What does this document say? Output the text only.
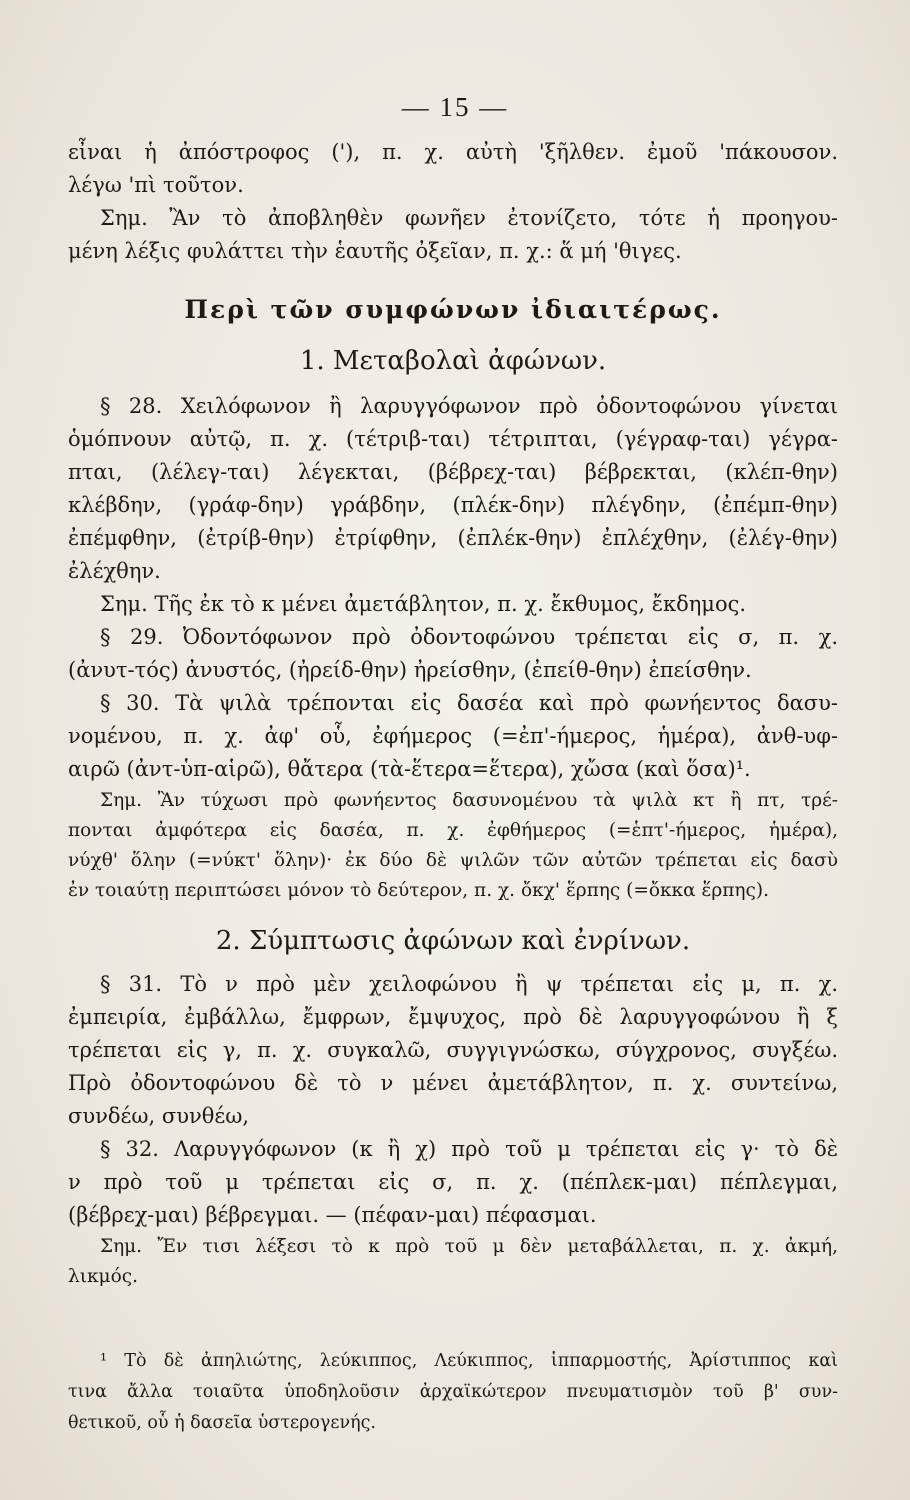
— 15 —
εἶναι ἡ ἀπόστροφος ('), π. χ. αὐτὴ 'ξῆλθεν. ἐμοῦ 'πάκουσον.
λέγω 'πὶ τοῦτον.
Σημ. Ἂν τὸ ἀποβληθὲν φωνῆεν ἐτονίζετο, τότε ἡ προηγου-
μένη λέξις φυλάττει τὴν ἑαυτῆς ὀξεῖαν, π. χ.: ἅ μή 'θιγες.
Περὶ τῶν συμφώνων ἰδιαιτέρως.
1. Μεταβολαὶ ἀφώνων.
§ 28. Χειλόφωνον ἢ λαρυγγόφωνον πρὸ ὀδοντοφώνου γίνεται
ὁμόπνουν αὐτῷ, π. χ. (τέτριβ-ται) τέτριπται, (γέγραφ-ται) γέγρα-
πται, (λέλεγ-ται) λέγεκται, (βέβρεχ-ται) βέβρεκται, (κλέπ-θην)
κλέβδην, (γράφ-δην) γράβδην, (πλέκ-δην) πλέγδην, (ἐπέμπ-θην)
ἐπέμφθην, (ἐτρίβ-θην) ἐτρίφθην, (ἐπλέκ-θην) ἐπλέχθην, (ἐλέγ-θην)
ἐλέχθην.
Σημ. Τῆς ἐκ τὸ κ μένει ἀμετάβλητον, π. χ. ἔκθυμος, ἔκδημος.
§ 29. Ὀδοντόφωνον πρὸ ὀδοντοφώνου τρέπεται εἰς σ, π. χ.
(ἀνυτ-τός) ἀνυστός, (ἠρείδ-θην) ἠρείσθην, (ἐπείθ-θην) ἐπείσθην.
§ 30. Τὰ ψιλὰ τρέπονται εἰς δασέα καὶ πρὸ φωνήεντος δασυ-
νομένου, π. χ. ἀφ' οὗ, ἐφήμερος (=ἐπ'-ήμερος, ἡμέρα), ἀνθ-υφ-
αιρῶ (ἀντ-ὑπ-αἱρῶ), θἄτερα (τὰ-ἕτερα=ἕτερα), χὤσα (καὶ ὅσα)¹.
Σημ. Ἂν τύχωσι πρὸ φωνήεντος δασυνομένου τὰ ψιλὰ κτ ἢ πτ, τρέ-
πονται ἀμφότερα εἰς δασέα, π. χ. ἐφθήμερος (=ἑπτ'-ήμερος, ἡμέρα),
νύχθ' ὅλην (=νύκτ' ὅλην)· ἐκ δύο δὲ ψιλῶν τῶν αὐτῶν τρέπεται εἰς δασὺ
ἐν τοιαύτῃ περιπτώσει μόνον τὸ δεύτερον, π. χ. ὄκχ' ἕρπης (=ὄκκα ἕρπης).
2. Σύμπτωσις ἀφώνων καὶ ἐνρίνων.
§ 31. Τὸ ν πρὸ μὲν χειλοφώνου ἢ ψ τρέπεται εἰς μ, π. χ.
ἐμπειρία, ἐμβάλλω, ἔμφρων, ἔμψυχος, πρὸ δὲ λαρυγγοφώνου ἢ ξ
τρέπεται εἰς γ, π. χ. συγκαλῶ, συγγιγνώσκω, σύγχρονος, συγξέω.
Πρὸ ὀδοντοφώνου δὲ τὸ ν μένει ἀμετάβλητον, π. χ. συντείνω,
συνδέω, συνθέω,
§ 32. Λαρυγγόφωνον (κ ἢ χ) πρὸ τοῦ μ τρέπεται εἰς γ· τὸ δὲ
ν πρὸ τοῦ μ τρέπεται εἰς σ, π. χ. (πέπλεκ-μαι) πέπλεγμαι,
(βέβρεχ-μαι) βέβρεγμαι. — (πέφαν-μαι) πέφασμαι.
Σημ. Ἔν τισι λέξεσι τὸ κ πρὸ τοῦ μ δὲν μεταβάλλεται, π. χ. ἀκμή,
λικμός.
¹ Τὸ δὲ ἀπηλιώτης, λεύκιππος, Λεύκιππος, ἱππαρμοστής, Ἀρίστιππος καὶ
τινα ἄλλα τοιαῦτα ὑποδηλοῦσιν ἀρχαϊκώτερον πνευματισμὸν τοῦ β' συν-
θετικοῦ, οὗ ἡ δασεῖα ὑστερογενής.
